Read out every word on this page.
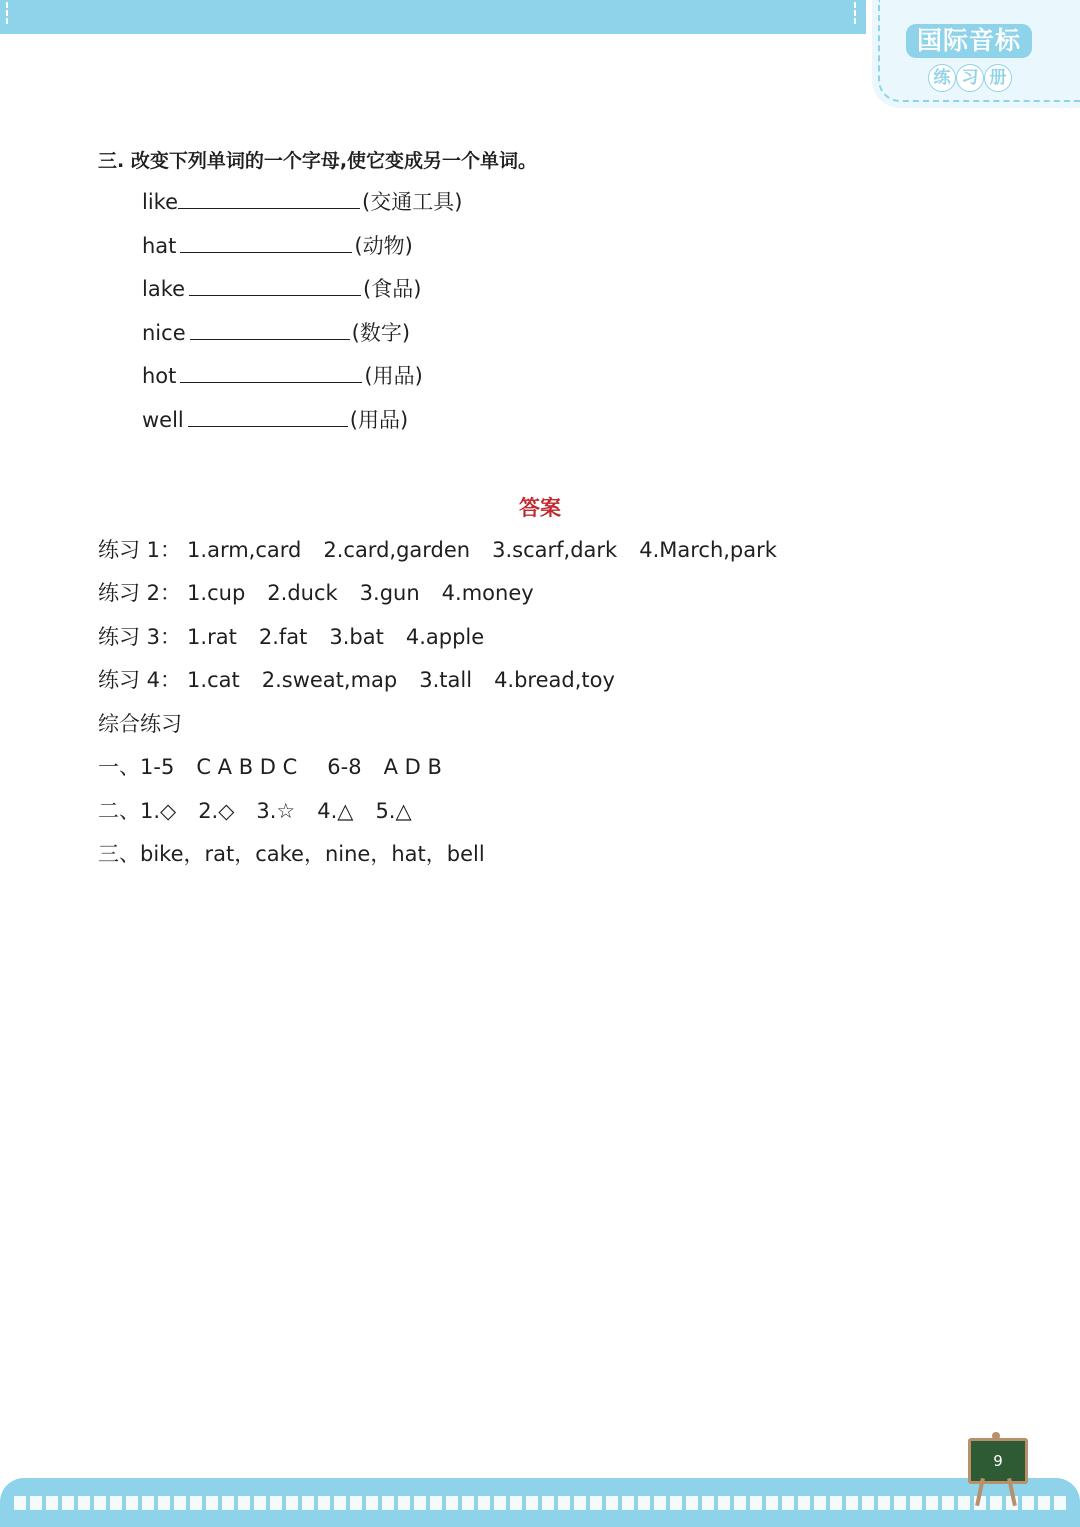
国际音标
练 习 册
三. 改变下列单词的一个字母,使它变成另一个单词。
like	(交通工具)
hat	(动物)
lake	(食品)
nice	(数字)
hot	(用品)
well	(用品)
答案
练习 1： 1.arm,card 2.card,garden 3.scarf,dark 4.March,park
练习 2： 1.cup 2.duck 3.gun 4.money
练习 3： 1.rat 2.fat 3.bat 4.apple
练习 4： 1.cat 2.sweat,map 3.tall 4.bread,toy
综合练习
一、1-5 C A B D C 6-8 A D B
二、1.◇ 2.◇ 3.☆ 4.△ 5.△
三、bike，rat，cake，nine，hat，bell
9
